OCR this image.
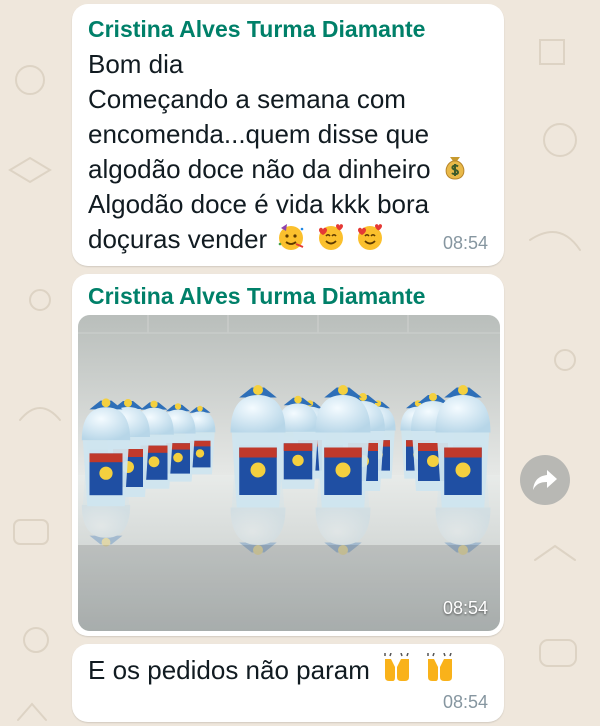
Cristina Alves Turma Diamante
Bom dia
Começando a semana com
encomenda...quem disse que
algodão doce não da dinheiro
Algodão doce é vida kkk bora
doçuras vender	08:54
Cristina Alves Turma Diamante
08:54
E os pedidos não param
08:54
